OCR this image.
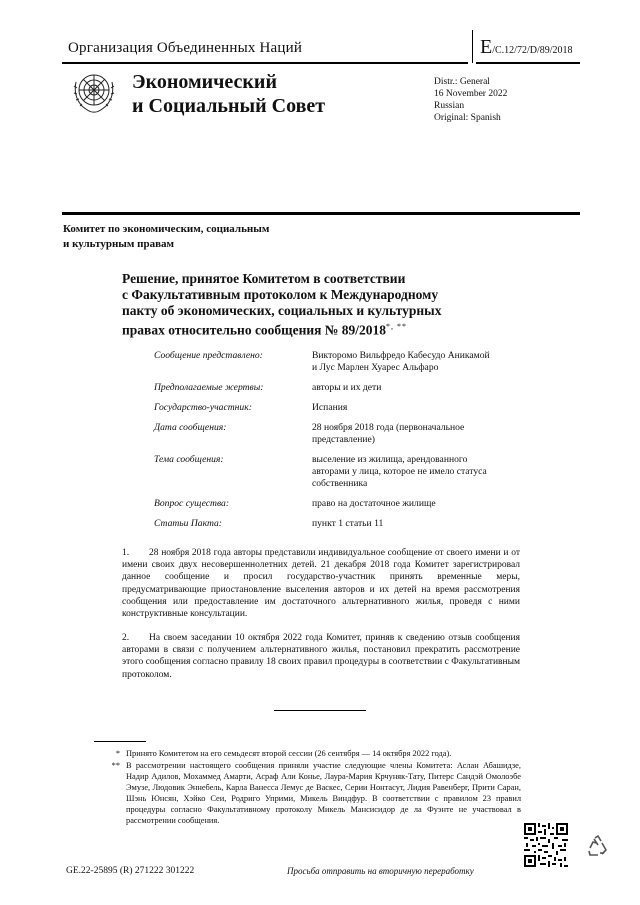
Организация Объединенных Наций	E/C.12/72/D/89/2018
Экономический
и Социальный Совет
Distr.: General
16 November 2022
Russian
Original: Spanish
Комитет по экономическим, социальным
и культурным правам
Решение, принятое Комитетом в соответствии
с Факультативным протоколом к Международному
пакту об экономических, социальных и культурных
правах относительно сообщения № 89/2018*, **
Сообщение представлено:	Викторомо Вильфредо Кабесудо Аникамой
и Лус Марлен Хуарес Альфаро
Предполагаемые жертвы:	авторы и их дети
Государство-участник:	Испания
Дата сообщения:	28 ноября 2018 года (первоначальное
представление)
Тема сообщения:	выселение из жилища, арендованного
авторами у лица, которое не имело статуса
собственника
Вопрос существа:	право на достаточное жилище
Статьи Пакта:	пункт 1 статьи 11
1. 28 ноября 2018 года авторы представили индивидуальное сообщение от своего имени и от имени своих двух несовершеннолетних детей. 21 декабря 2018 года Комитет зарегистрировал данное сообщение и просил государство-участник принять временные меры, предусматривающие приостановление выселения авторов и их детей на время рассмотрения сообщения или предоставление им достаточного альтернативного жилья, проведя с ними конструктивные консультации.
2. На своем заседании 10 октября 2022 года Комитет, приняв к сведению отзыв сообщения авторами в связи с получением альтернативного жилья, постановил прекратить рассмотрение этого сообщения согласно правилу 18 своих правил процедуры в соответствии с Факультативным протоколом.
* Принято Комитетом на его семьдесят второй сессии (26 сентября — 14 октября 2022 года).
** В рассмотрении настоящего сообщения приняли участие следующие члены Комитета: Аслан Абашидзе, Надир Адилов, Мохаммед Амарти, Асраф Али Конье, Лаура-Мария Крчуняк-Тату, Питерс Сандэй Омолоэбе Эмузе, Людовик Эннебель, Карла Ванесса Лемус де Васкес, Серии Нонтасут, Лидия Равенберг, Прити Саран, Шэнь Юнсян, Хэйко Сеи, Родриго Уприми, Микель Виндфур. В соответствии с правилом 23 правил процедуры согласно Факультативному протоколу Микель Мансисидор де ла Фуэнте не участвовал в рассмотрении сообщения.
GE.22-25895 (R) 271222 301222	Просьба отправить на вторичную переработку
